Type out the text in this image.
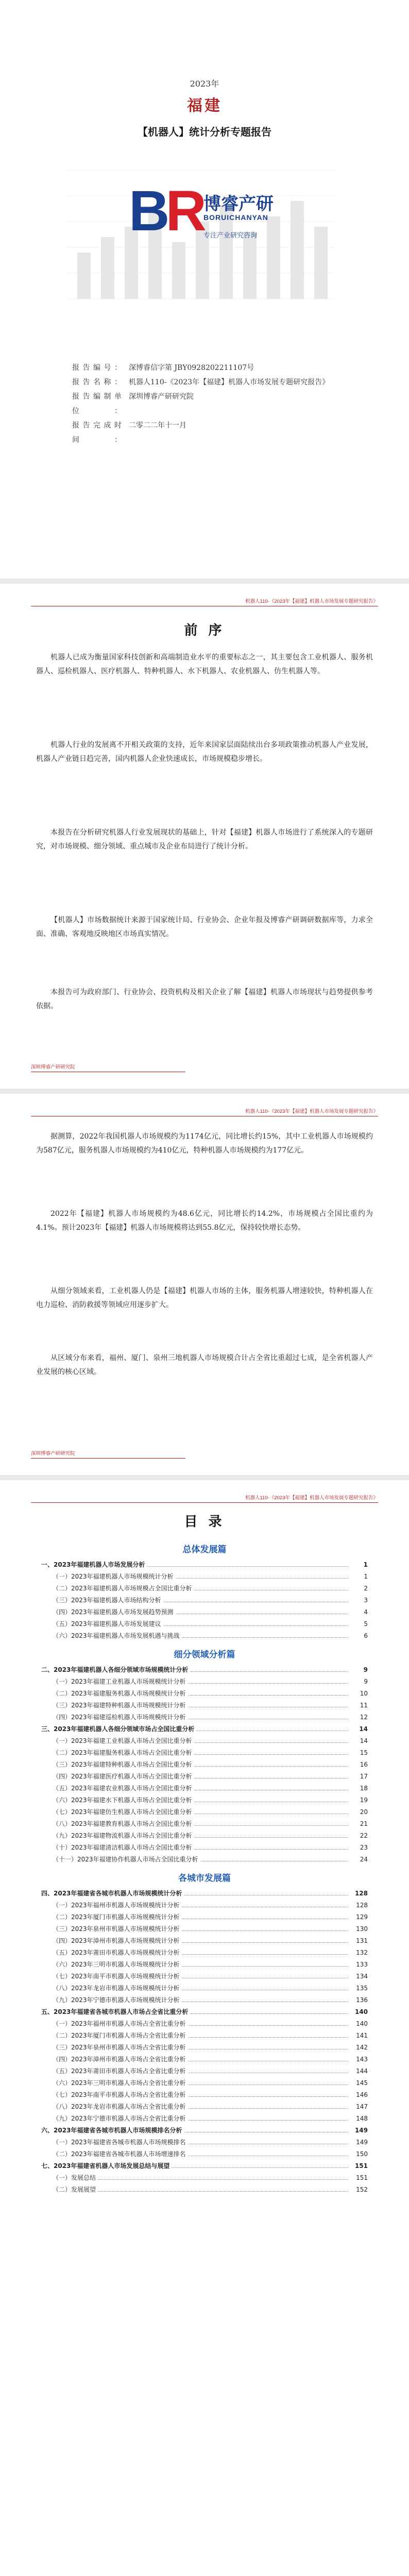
2023年
福建
【机器人】统计分析专题报告
BR 博睿产研
BORUICHANYAN
专注产业研究咨询
报告编号：	深博睿信字第 JBY0928202211107号
报告名称：	机器人110-《2023年【福建】机器人市场发展专题研究报告》
报告编制单位：
深圳博睿产研研究院
报告完成时间：
二零二二年十一月
机器人110-《2023年【福建】机器人市场发展专题研究报告》
前 序
机器人已成为衡量国家科技创新和高端制造业水平的重要标志之一，其主要包含工业机器人、服务机器人、巡检机器人、医疗机器人、特种机器人、水下机器人、农业机器人、仿生机器人等。
机器人行业的发展离不开相关政策的支持，近年来国家层面陆续出台多项政策推动机器人产业发展，机器人产业链日趋完善，国内机器人企业快速成长，市场规模稳步增长。
本报告在分析研究机器人行业发展现状的基础上，针对【福建】机器人市场进行了系统深入的专题研究，对市场规模、细分领域、重点城市及企业布局进行了统计分析。
【机器人】市场数据统计来源于国家统计局、行业协会、企业年报及博睿产研调研数据库等，力求全面、准确、客观地反映地区市场真实情况。
本报告可为政府部门、行业协会、投资机构及相关企业了解【福建】机器人市场现状与趋势提供参考依据。
深圳博睿产研研究院
机器人110-《2023年【福建】机器人市场发展专题研究报告》
据测算，2022年我国机器人市场规模约为1174亿元，同比增长约15%，其中工业机器人市场规模约为587亿元，服务机器人市场规模约为410亿元，特种机器人市场规模约为177亿元。
2022年【福建】机器人市场规模约为48.6亿元，同比增长约14.2%，市场规模占全国比重约为4.1%。预计2023年【福建】机器人市场规模将达到55.8亿元，保持较快增长态势。
从细分领域来看，工业机器人仍是【福建】机器人市场的主体，服务机器人增速较快，特种机器人在电力巡检、消防救援等领域应用逐步扩大。
从区域分布来看，福州、厦门、泉州三地机器人市场规模合计占全省比重超过七成，是全省机器人产业发展的核心区域。
深圳博睿产研研究院
机器人110-《2023年【福建】机器人市场发展专题研究报告》
目 录
总体发展篇
一、2023年福建机器人市场发展分析	1
（一）2023年福建机器人市场规模统计分析	1
（二）2023年福建机器人市场规模占全国比重分析	2
（三）2023年福建机器人市场结构分析	3
（四）2023年福建机器人市场发展趋势预测	4
（五）2023年福建机器人市场发展建议	5
（六）2023年福建机器人市场发展机遇与挑战	6
细分领域分析篇
二、2023年福建机器人各细分领域市场规模统计分析	9
（一）2023年福建工业机器人市场规模统计分析	9
（二）2023年福建服务机器人市场规模统计分析	10
（三）2023年福建特种机器人市场规模统计分析	11
（四）2023年福建巡检机器人市场规模统计分析	12
三、2023年福建机器人各细分领域市场占全国比重分析	14
（一）2023年福建工业机器人市场占全国比重分析	14
（二）2023年福建服务机器人市场占全国比重分析	15
（三）2023年福建特种机器人市场占全国比重分析	16
（四）2023年福建医疗机器人市场占全国比重分析	17
（五）2023年福建农业机器人市场占全国比重分析	18
（六）2023年福建水下机器人市场占全国比重分析	19
（七）2023年福建仿生机器人市场占全国比重分析	20
（八）2023年福建教育机器人市场占全国比重分析	21
（九）2023年福建物流机器人市场占全国比重分析	22
（十）2023年福建清洁机器人市场占全国比重分析	23
（十一）2023年福建协作机器人市场占全国比重分析	24
各城市发展篇
四、2023年福建省各城市机器人市场规模统计分析	128
（一）2023年福州市机器人市场规模统计分析	128
（二）2023年厦门市机器人市场规模统计分析	129
（三）2023年泉州市机器人市场规模统计分析	130
（四）2023年漳州市机器人市场规模统计分析	131
（五）2023年莆田市机器人市场规模统计分析	132
（六）2023年三明市机器人市场规模统计分析	133
（七）2023年南平市机器人市场规模统计分析	134
（八）2023年龙岩市机器人市场规模统计分析	135
（九）2023年宁德市机器人市场规模统计分析	136
五、2023年福建省各城市机器人市场占全省比重分析	140
（一）2023年福州市机器人市场占全省比重分析	140
（二）2023年厦门市机器人市场占全省比重分析	141
（三）2023年泉州市机器人市场占全省比重分析	142
（四）2023年漳州市机器人市场占全省比重分析	143
（五）2023年莆田市机器人市场占全省比重分析	144
（六）2023年三明市机器人市场占全省比重分析	145
（七）2023年南平市机器人市场占全省比重分析	146
（八）2023年龙岩市机器人市场占全省比重分析	147
（九）2023年宁德市机器人市场占全省比重分析	148
六、2023年福建省各城市机器人市场规模排名分析	149
（一）2023年福建省各城市机器人市场规模排名	149
（二）2023年福建省各城市机器人市场增速排名	150
七、2023年福建省机器人市场发展总结与展望	151
（一）发展总结	151
（二）发展展望	152
